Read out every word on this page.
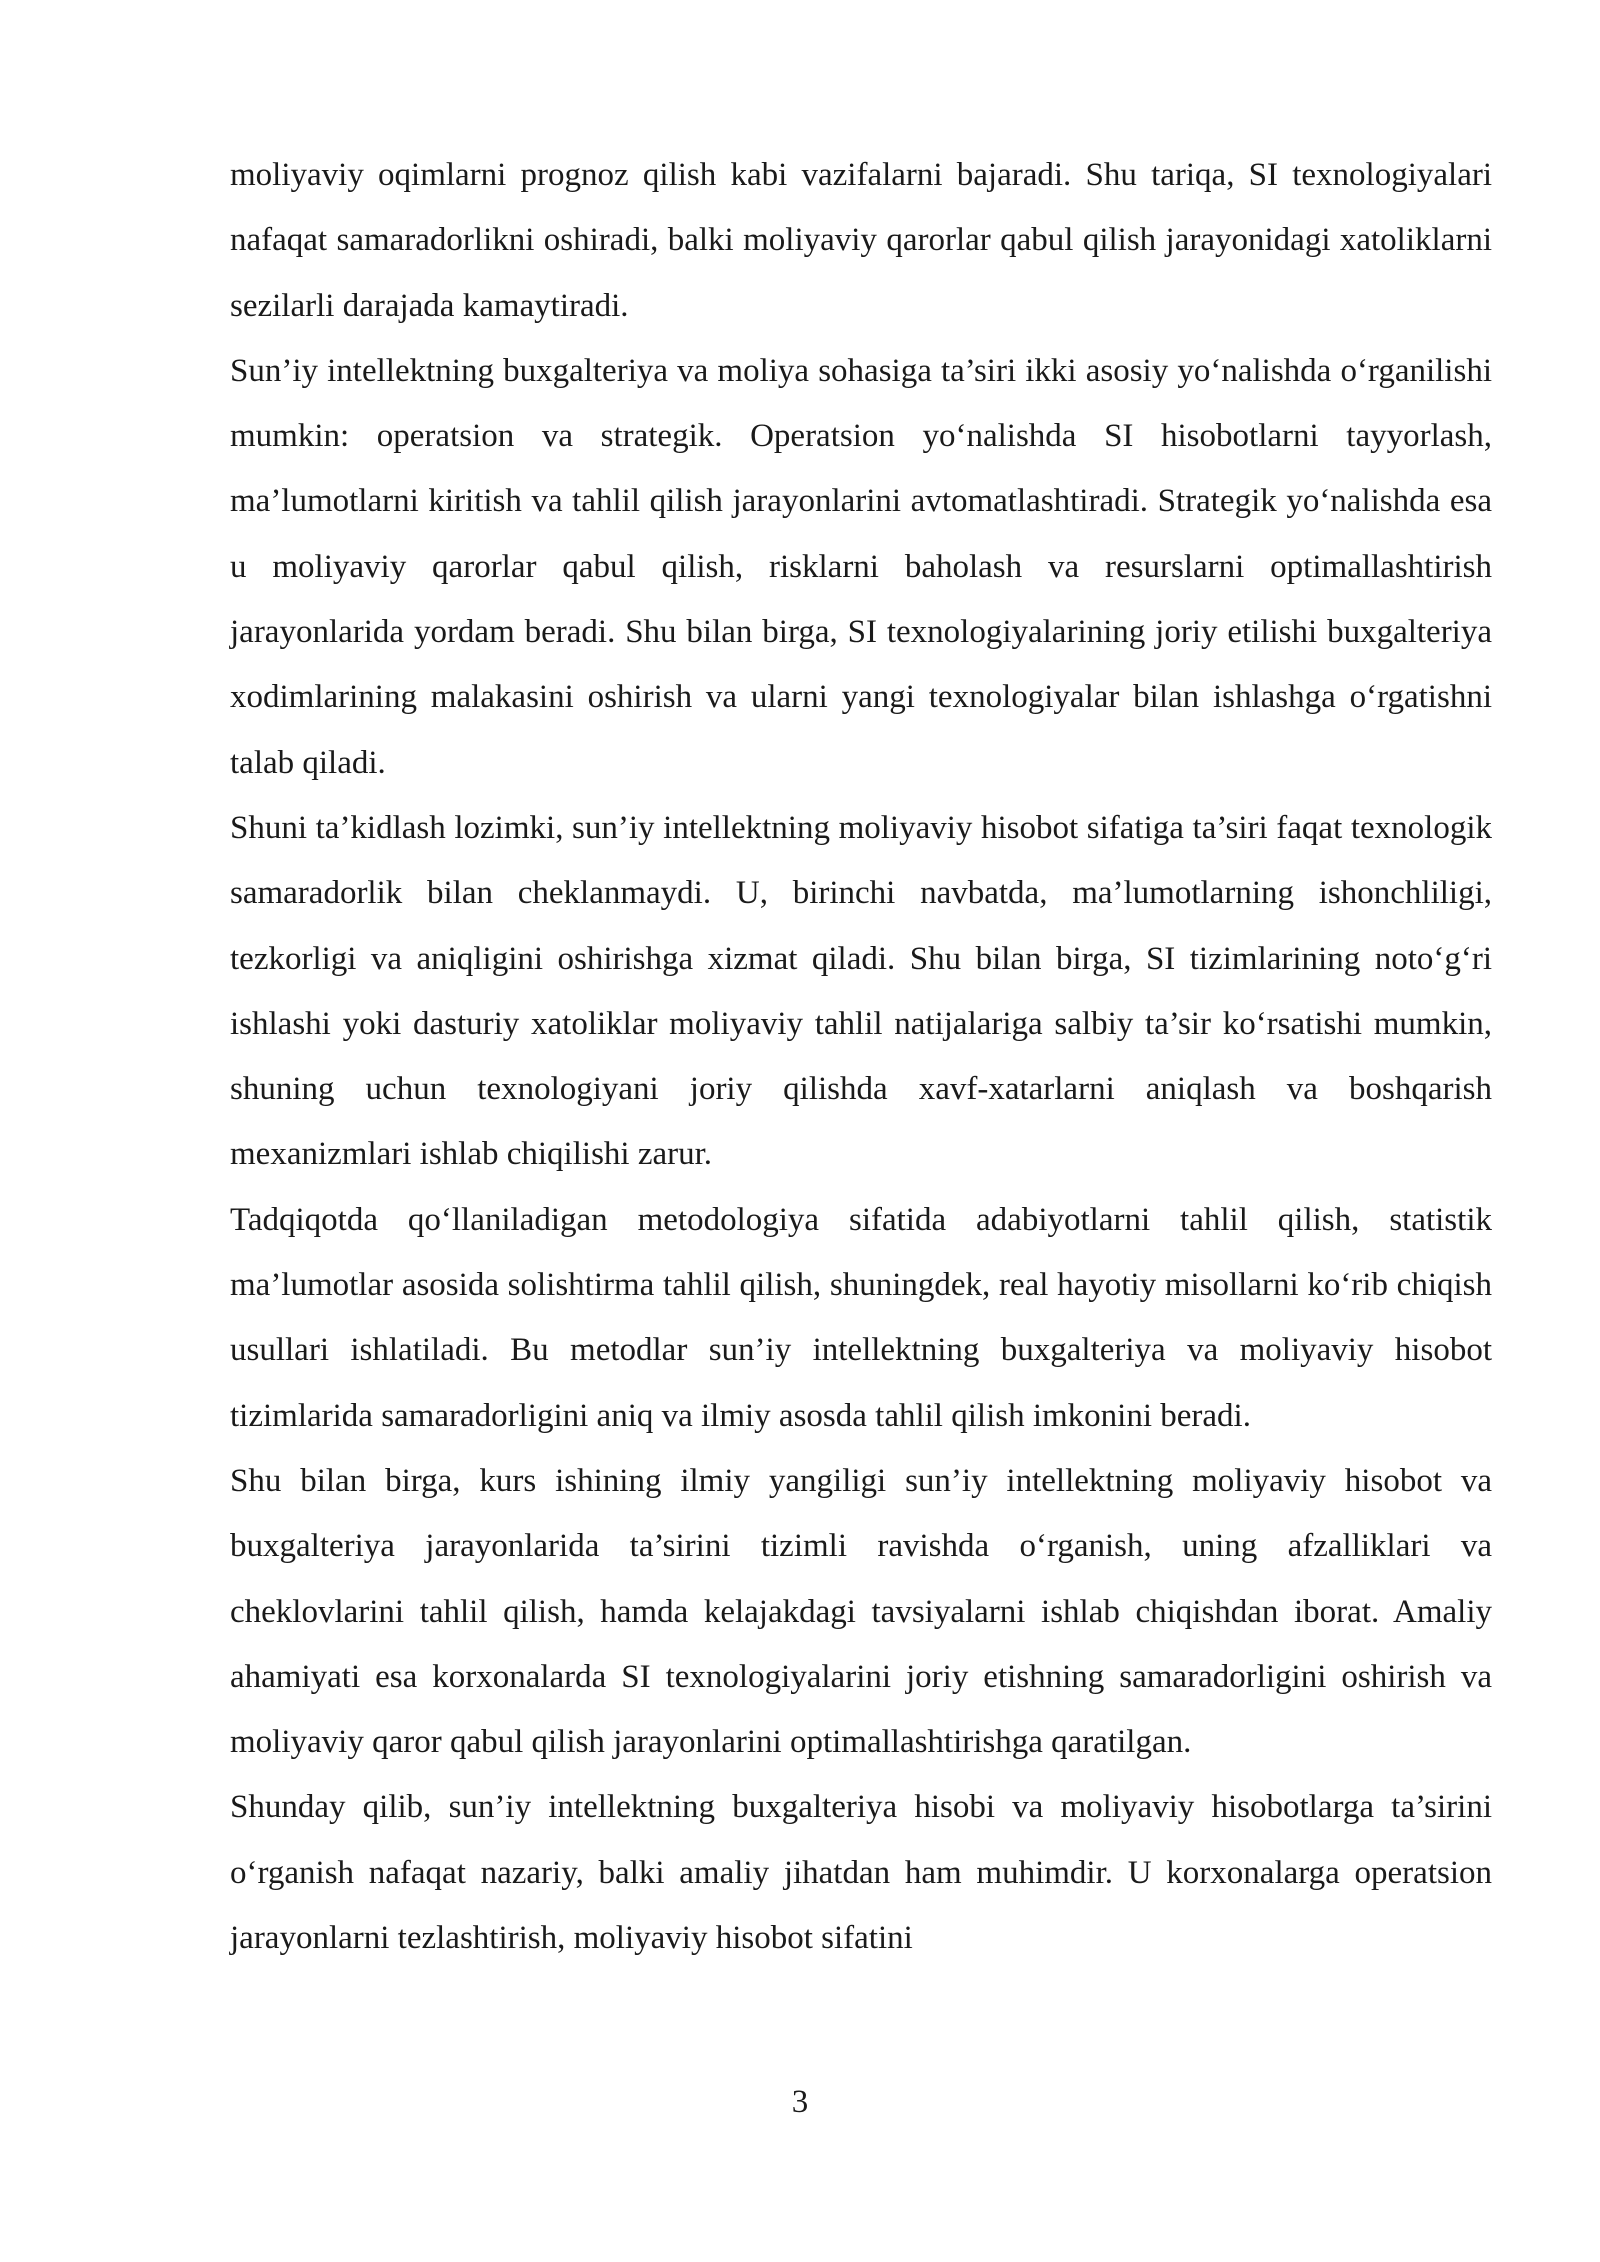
moliyaviy oqimlarni prognoz qilish kabi vazifalarni bajaradi. Shu tariqa, SI texnologiyalari nafaqat samaradorlikni oshiradi, balki moliyaviy qarorlar qabul qilish jarayonidagi xatoliklarni sezilarli darajada kamaytiradi.

Sun’iy intellektning buxgalteriya va moliya sohasiga ta’siri ikki asosiy yo‘nalishda o‘rganilishi mumkin: operatsion va strategik. Operatsion yo‘nalishda SI hisobotlarni tayyorlash, ma’lumotlarni kiritish va tahlil qilish jarayonlarini avtomatlashtiradi. Strategik yo‘nalishda esa u moliyaviy qarorlar qabul qilish, risklarni baholash va resurslarni optimallashtirish jarayonlarida yordam beradi. Shu bilan birga, SI texnologiyalarining joriy etilishi buxgalteriya xodimlarining malakasini oshirish va ularni yangi texnologiyalar bilan ishlashga o‘rgatishni talab qiladi.

Shuni ta’kidlash lozimki, sun’iy intellektning moliyaviy hisobot sifatiga ta’siri faqat texnologik samaradorlik bilan cheklanmaydi. U, birinchi navbatda, ma’lumotlarning ishonchliligi, tezkorligi va aniqligini oshirishga xizmat qiladi. Shu bilan birga, SI tizimlarining noto‘g‘ri ishlashi yoki dasturiy xatoliklar moliyaviy tahlil natijalariga salbiy ta’sir ko‘rsatishi mumkin, shuning uchun texnologiyani joriy qilishda xavf-xatarlarni aniqlash va boshqarish mexanizmlari ishlab chiqilishi zarur.

Tadqiqotda qo‘llaniladigan metodologiya sifatida adabiyotlarni tahlil qilish, statistik ma’lumotlar asosida solishtirma tahlil qilish, shuningdek, real hayotiy misollarni ko‘rib chiqish usullari ishlatiladi. Bu metodlar sun’iy intellektning buxgalteriya va moliyaviy hisobot tizimlarida samaradorligini aniq va ilmiy asosda tahlil qilish imkonini beradi.

Shu bilan birga, kurs ishining ilmiy yangiligi sun’iy intellektning moliyaviy hisobot va buxgalteriya jarayonlarida ta’sirini tizimli ravishda o‘rganish, uning afzalliklari va cheklovlarini tahlil qilish, hamda kelajakdagi tavsiyalarni ishlab chiqishdan iborat. Amaliy ahamiyati esa korxonalarda SI texnologiyalarini joriy etishning samaradorligini oshirish va moliyaviy qaror qabul qilish jarayonlarini optimallashtirishga qaratilgan.

Shunday qilib, sun’iy intellektning buxgalteriya hisobi va moliyaviy hisobotlarga ta’sirini o‘rganish nafaqat nazariy, balki amaliy jihatdan ham muhimdir. U korxonalarga operatsion jarayonlarni tezlashtirish, moliyaviy hisobot sifatini

3
